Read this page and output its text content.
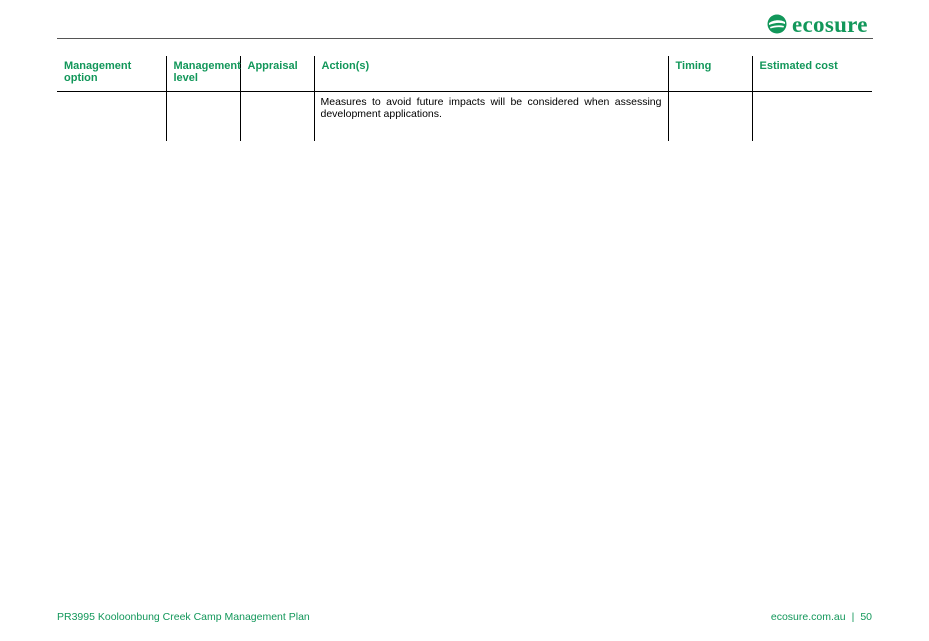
ecosure
Management option	Management level	Appraisal	Action(s)	Timing	Estimated cost
			Measures to avoid future impacts will be considered when assessing development applications.		
PR3995 Kooloonbung Creek Camp Management Plan	ecosure.com.au | 50
